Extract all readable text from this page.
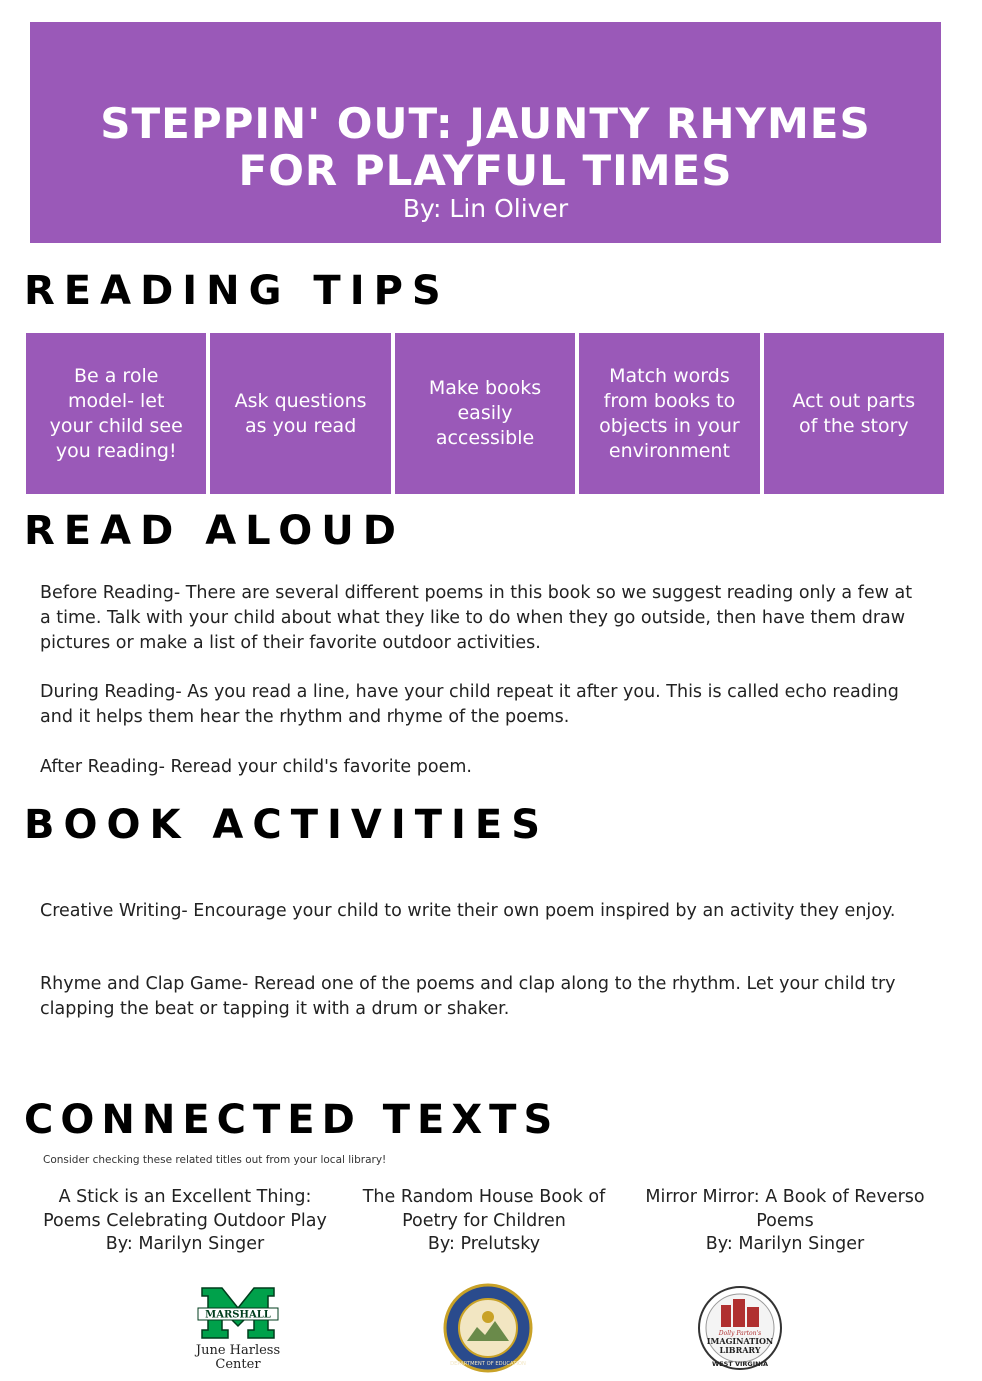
STEPPIN' OUT: JAUNTY RHYMES
FOR PLAYFUL TIMES
By: Lin Oliver
READING TIPS
Be a role model- let your child see you reading!
Ask questions as you read
Make books easily accessible
Match words from books to objects in your environment
Act out parts of the story
READ ALOUD

Before Reading- There are several different poems in this book so we suggest reading only a few at a time. Talk with your child about what they like to do when they go outside, then have them draw pictures or make a list of their favorite outdoor activities.

During Reading- As you read a line, have your child repeat it after you. This is called echo reading and it helps them hear the rhythm and rhyme of the poems.

After Reading- Reread your child's favorite poem.

BOOK ACTIVITIES

Creative Writing- Encourage your child to write their own poem inspired by an activity they enjoy.

Rhyme and Clap Game- Reread one of the poems and clap along to the rhythm. Let your child try clapping the beat or tapping it with a drum or shaker.

CONNECTED TEXTS
Consider checking these related titles out from your local library!
A Stick is an Excellent Thing: Poems Celebrating Outdoor Play
By: Marilyn Singer
The Random House Book of Poetry for Children
By: Prelutsky
Mirror Mirror: A Book of Reverso Poems
By: Marilyn Singer
MARSHALL
June Harless
Center	DEPARTMENT OF EDUCATION
Dolly Parton's
IMAGINATION
LIBRARY
WEST VIRGINIA
